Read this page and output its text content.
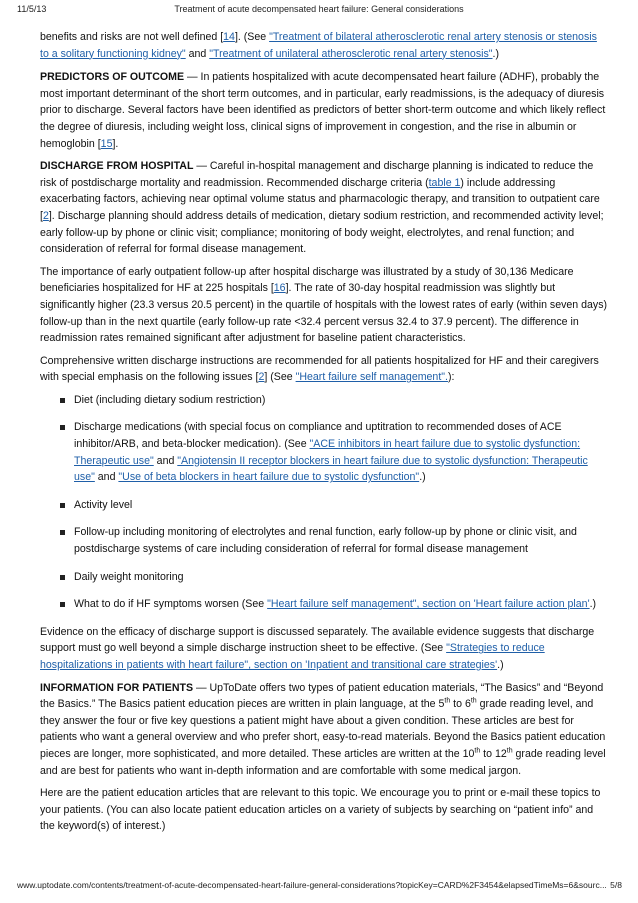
11/5/13	Treatment of acute decompensated heart failure: General considerations

benefits and risks are not well defined [14]. (See "Treatment of bilateral atherosclerotic renal artery stenosis or stenosis to a solitary functioning kidney" and "Treatment of unilateral atherosclerotic renal artery stenosis".)

PREDICTORS OF OUTCOME — In patients hospitalized with acute decompensated heart failure (ADHF), probably the most important determinant of the short term outcomes, and in particular, early readmissions, is the adequacy of diuresis prior to discharge. Several factors have been identified as predictors of better short-term outcome and which likely reflect the degree of diuresis, including weight loss, clinical signs of improvement in congestion, and the rise in albumin or hemoglobin [15].

DISCHARGE FROM HOSPITAL — Careful in-hospital management and discharge planning is indicated to reduce the risk of postdischarge mortality and readmission. Recommended discharge criteria (table 1) include addressing exacerbating factors, achieving near optimal volume status and pharmacologic therapy, and transition to outpatient care [2]. Discharge planning should address details of medication, dietary sodium restriction, and recommended activity level; early follow-up by phone or clinic visit; compliance; monitoring of body weight, electrolytes, and renal function; and consideration of referral for formal disease management.

The importance of early outpatient follow-up after hospital discharge was illustrated by a study of 30,136 Medicare beneficiaries hospitalized for HF at 225 hospitals [16]. The rate of 30-day hospital readmission was slightly but significantly higher (23.3 versus 20.5 percent) in the quartile of hospitals with the lowest rates of early (within seven days) follow-up than in the next quartile (early follow-up rate <32.4 percent versus 32.4 to 37.9 percent). The difference in readmission rates remained significant after adjustment for baseline patient characteristics.

Comprehensive written discharge instructions are recommended for all patients hospitalized for HF and their caregivers with special emphasis on the following issues [2] (See "Heart failure self management".):

Diet (including dietary sodium restriction)
Discharge medications (with special focus on compliance and uptitration to recommended doses of ACE inhibitor/ARB, and beta-blocker medication). (See "ACE inhibitors in heart failure due to systolic dysfunction: Therapeutic use" and "Angiotensin II receptor blockers in heart failure due to systolic dysfunction: Therapeutic use" and "Use of beta blockers in heart failure due to systolic dysfunction".)
Activity level
Follow-up including monitoring of electrolytes and renal function, early follow-up by phone or clinic visit, and postdischarge systems of care including consideration of referral for formal disease management
Daily weight monitoring
What to do if HF symptoms worsen (See "Heart failure self management", section on 'Heart failure action plan'.)

Evidence on the efficacy of discharge support is discussed separately. The available evidence suggests that discharge support must go well beyond a simple discharge instruction sheet to be effective. (See "Strategies to reduce hospitalizations in patients with heart failure", section on 'Inpatient and transitional care strategies'.)

INFORMATION FOR PATIENTS — UpToDate offers two types of patient education materials, “The Basics” and “Beyond the Basics.” The Basics patient education pieces are written in plain language, at the 5th to 6th grade reading level, and they answer the four or five key questions a patient might have about a given condition. These articles are best for patients who want a general overview and who prefer short, easy-to-read materials. Beyond the Basics patient education pieces are longer, more sophisticated, and more detailed. These articles are written at the 10th to 12th grade reading level and are best for patients who want in-depth information and are comfortable with some medical jargon.

Here are the patient education articles that are relevant to this topic. We encourage you to print or e-mail these topics to your patients. (You can also locate patient education articles on a variety of subjects by searching on “patient info” and the keyword(s) of interest.)

www.uptodate.com/contents/treatment-of-acute-decompensated-heart-failure-general-considerations?topicKey=CARD%2F3454&elapsedTimeMs=6&sourc... 5/8
